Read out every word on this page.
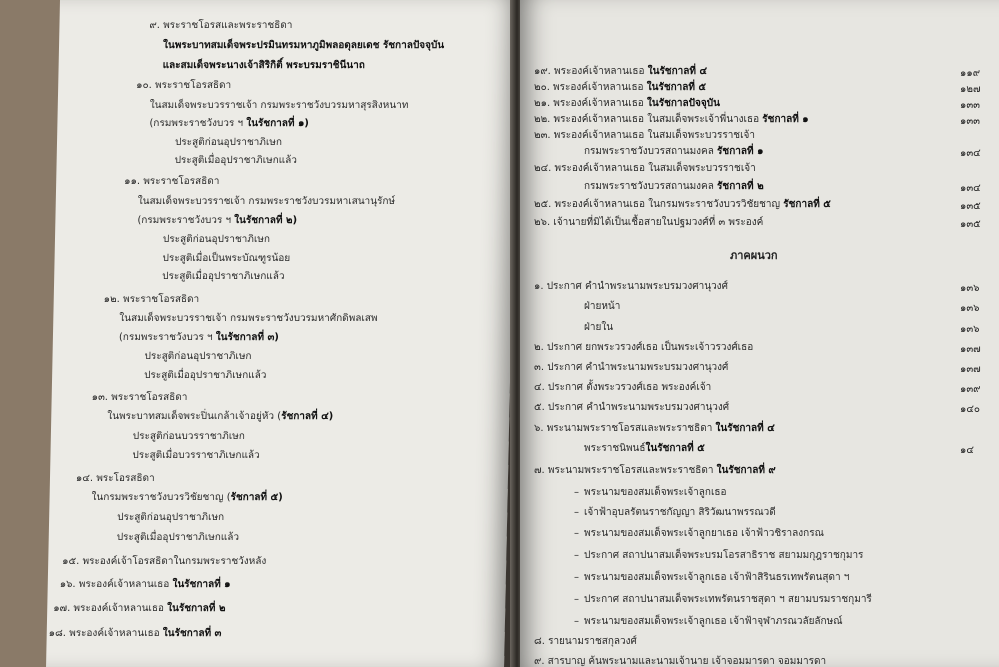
๙. พระราชโอรสและพระราชธิดา
ในพระบาทสมเด็จพระปรมินทรมหาภูมิพลอดุลยเดช รัชกาลปัจจุบัน
และสมเด็จพระนางเจ้าสิริกิติ์ พระบรมราชินีนาถ
๑๐. พระราชโอรสธิดา
ในสมเด็จพระบวรราชเจ้า กรมพระราชวังบวรมหาสุรสิงหนาท
(กรมพระราชวังบวร ฯ ในรัชกาลที่ ๑)
ประสูติก่อนอุปราชาภิเษก
ประสูติเมื่ออุปราชาภิเษกแล้ว
๑๑. พระราชโอรสธิดา
ในสมเด็จพระบวรราชเจ้า กรมพระราชวังบวรมหาเสนานุรักษ์
(กรมพระราชวังบวร ฯ ในรัชกาลที่ ๒)
ประสูติก่อนอุปราชาภิเษก
ประสูติเมื่อเป็นพระบัณฑูรน้อย
ประสูติเมื่ออุปราชาภิเษกแล้ว
๑๒. พระราชโอรสธิดา
ในสมเด็จพระบวรราชเจ้า กรมพระราชวังบวรมหาศักดิพลเสพ
(กรมพระราชวังบวร ฯ ในรัชกาลที่ ๓)
ประสูติก่อนอุปราชาภิเษก
ประสูติเมื่ออุปราชาภิเษกแล้ว
๑๓. พระราชโอรสธิดา
ในพระบาทสมเด็จพระปิ่นเกล้าเจ้าอยู่หัว (รัชกาลที่ ๔)
ประสูติก่อนบวรราชาภิเษก
ประสูติเมื่อบวรราชาภิเษกแล้ว
๑๔. พระโอรสธิดา
ในกรมพระราชวังบวรวิชัยชาญ (รัชกาลที่ ๕)
ประสูติก่อนอุปราชาภิเษก
ประสูติเมื่ออุปราชาภิเษกแล้ว
๑๕. พระองค์เจ้าโอรสธิดาในกรมพระราชวังหลัง
๑๖. พระองค์เจ้าหลานเธอ ในรัชกาลที่ ๑
๑๗. พระองค์เจ้าหลานเธอ ในรัชกาลที่ ๒
๑๘. พระองค์เจ้าหลานเธอ ในรัชกาลที่ ๓
ภาคผนวก
๑๙. พระองค์เจ้าหลานเธอ ในรัชกาลที่ ๔	๑๑๙
๒๐. พระองค์เจ้าหลานเธอ ในรัชกาลที่ ๕	๑๒๗
๒๑. พระองค์เจ้าหลานเธอ ในรัชกาลปัจจุบัน	๑๓๓
๒๒. พระองค์เจ้าหลานเธอ ในสมเด็จพระเจ้าพี่นางเธอ รัชกาลที่ ๑	๑๓๓
๒๓. พระองค์เจ้าหลานเธอ ในสมเด็จพระบวรราชเจ้า
กรมพระราชวังบวรสถานมงคล รัชกาลที่ ๑	๑๓๔
๒๔. พระองค์เจ้าหลานเธอ ในสมเด็จพระบวรราชเจ้า
กรมพระราชวังบวรสถานมงคล รัชกาลที่ ๒	๑๓๔
๒๕. พระองค์เจ้าหลานเธอ ในกรมพระราชวังบวรวิชัยชาญ รัชกาลที่ ๕	๑๓๕
๒๖. เจ้านายที่มิได้เป็นเชื้อสายในปฐมวงศ์ที่ ๓ พระองค์	๑๓๕
๑. ประกาศ คำนำพระนามพระบรมวงศานุวงศ์	๑๓๖
ฝ่ายหน้า	๑๓๖
ฝ่ายใน	๑๓๖
๒. ประกาศ ยกพระวรวงศ์เธอ เป็นพระเจ้าวรวงศ์เธอ	๑๓๗
๓. ประกาศ คำนำพระนามพระบรมวงศานุวงศ์	๑๓๗
๔. ประกาศ ตั้งพระวรวงศ์เธอ พระองค์เจ้า	๑๓๙
๕. ประกาศ คำนำพระนามพระบรมวงศานุวงศ์	๑๔๐
๖. พระนามพระราชโอรสและพระราชธิดา ในรัชกาลที่ ๔
พระราชนิพนธ์ในรัชกาลที่ ๕	๑๔
๗. พระนามพระราชโอรสและพระราชธิดา ในรัชกาลที่ ๙
พระนามของสมเด็จพระเจ้าลูกเธอ
–
เจ้าฟ้าอุบลรัตนราชกัญญา สิริวัฒนาพรรณวดี
–
พระนามของสมเด็จพระเจ้าลูกยาเธอ เจ้าฟ้าวชิราลงกรณ
–
ประกาศ สถาปนาสมเด็จพระบรมโอรสาธิราช สยามมกุฎราชกุมาร
–
พระนามของสมเด็จพระเจ้าลูกเธอ เจ้าฟ้าสิรินธรเทพรัตนสุดา ฯ
–
ประกาศ สถาปนาสมเด็จพระเทพรัตนราชสุดา ฯ สยามบรมราชกุมารี
–
พระนามของสมเด็จพระเจ้าลูกเธอ เจ้าฟ้าจุฬาภรณวลัยลักษณ์
–
๘. รายนามราชสกุลวงศ์
๙. สารบาญ ค้นพระนามและนามเจ้านาย เจ้าจอมมารดา จอมมารดา
